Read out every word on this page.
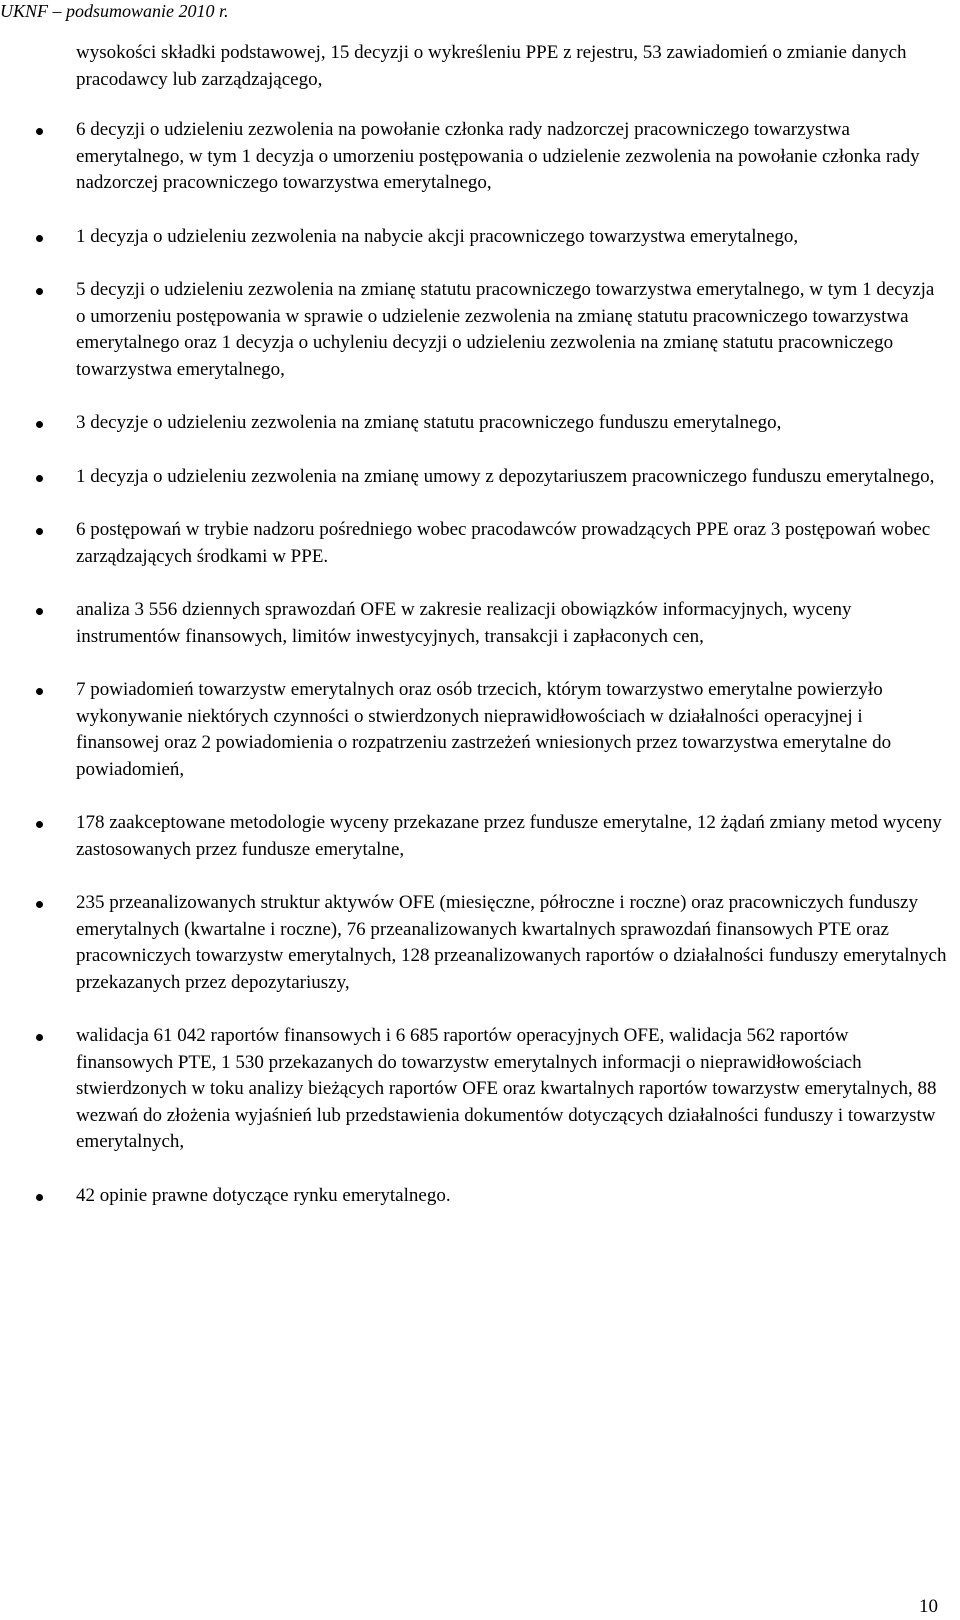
UKNF – podsumowanie 2010 r.

wysokości składki podstawowej, 15 decyzji o wykreśleniu PPE z rejestru, 53 zawiadomień o zmianie danych pracodawcy lub zarządzającego,

6 decyzji o udzieleniu zezwolenia na powołanie członka rady nadzorczej pracowniczego towarzystwa emerytalnego, w tym 1 decyzja o umorzeniu postępowania o udzielenie zezwolenia na powołanie członka rady nadzorczej pracowniczego towarzystwa emerytalnego,
1 decyzja o udzieleniu zezwolenia na nabycie akcji pracowniczego towarzystwa emerytalnego,
5 decyzji o udzieleniu zezwolenia na zmianę statutu pracowniczego towarzystwa emerytalnego, w tym 1 decyzja o umorzeniu postępowania w sprawie o udzielenie zezwolenia na zmianę statutu pracowniczego towarzystwa emerytalnego oraz 1 decyzja o uchyleniu decyzji o udzieleniu zezwolenia na zmianę statutu pracowniczego towarzystwa emerytalnego,
3 decyzje o udzieleniu zezwolenia na zmianę statutu pracowniczego funduszu emerytalnego,
1 decyzja o udzieleniu zezwolenia na zmianę umowy z depozytariuszem pracowniczego funduszu emerytalnego,
6 postępowań w trybie nadzoru pośredniego wobec pracodawców prowadzących PPE oraz 3 postępowań wobec zarządzających środkami w PPE.
analiza 3 556 dziennych sprawozdań OFE w zakresie realizacji obowiązków informacyjnych, wyceny instrumentów finansowych, limitów inwestycyjnych, transakcji i zapłaconych cen,
7 powiadomień towarzystw emerytalnych oraz osób trzecich, którym towarzystwo emerytalne powierzyło wykonywanie niektórych czynności o stwierdzonych nieprawidłowościach w działalności operacyjnej i finansowej oraz 2 powiadomienia o rozpatrzeniu zastrzeżeń wniesionych przez towarzystwa emerytalne do powiadomień,
178 zaakceptowane metodologie wyceny przekazane przez fundusze emerytalne, 12 żądań zmiany metod wyceny zastosowanych przez fundusze emerytalne,
235 przeanalizowanych struktur aktywów OFE (miesięczne, półroczne i roczne) oraz pracowniczych funduszy emerytalnych (kwartalne i roczne), 76 przeanalizowanych kwartalnych sprawozdań finansowych PTE oraz pracowniczych towarzystw emerytalnych, 128 przeanalizowanych raportów o działalności funduszy emerytalnych przekazanych przez depozytariuszy,
walidacja 61 042 raportów finansowych i 6 685 raportów operacyjnych OFE, walidacja 562 raportów finansowych PTE, 1 530 przekazanych do towarzystw emerytalnych informacji o nieprawidłowościach stwierdzonych w toku analizy bieżących raportów OFE oraz kwartalnych raportów towarzystw emerytalnych, 88 wezwań do złożenia wyjaśnień lub przedstawienia dokumentów dotyczących działalności funduszy i towarzystw emerytalnych,
42 opinie prawne dotyczące rynku emerytalnego.
10
